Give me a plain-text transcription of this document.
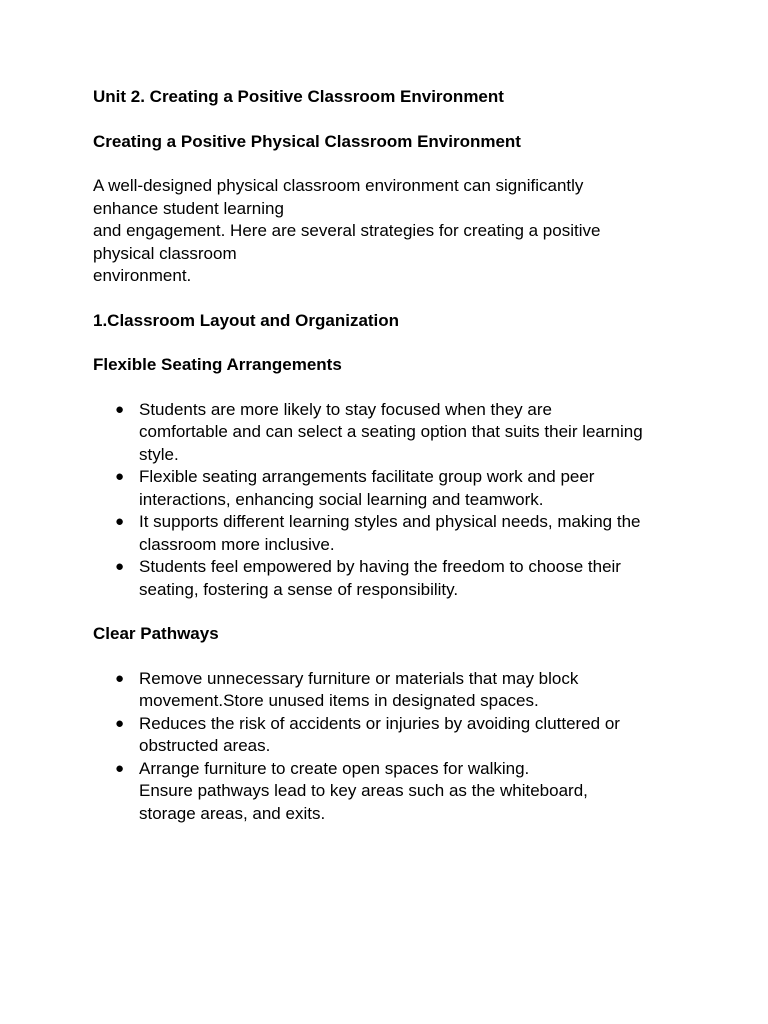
Unit 2. Creating a Positive Classroom Environment

Creating a Positive Physical Classroom Environment

A well-designed physical classroom environment can significantly
enhance student learning
and engagement. Here are several strategies for creating a positive
physical classroom
environment.

1.Classroom Layout and Organization

Flexible Seating Arrangements

● Students are more likely to stay focused when they are
comfortable and can select a seating option that suits their learning
style.
● Flexible seating arrangements facilitate group work and peer
interactions, enhancing social learning and teamwork.
● It supports different learning styles and physical needs, making the
classroom more inclusive.
● Students feel empowered by having the freedom to choose their
seating, fostering a sense of responsibility.

Clear Pathways

● Remove unnecessary furniture or materials that may block
movement.Store unused items in designated spaces.
● Reduces the risk of accidents or injuries by avoiding cluttered or
obstructed areas.
● Arrange furniture to create open spaces for walking.
Ensure pathways lead to key areas such as the whiteboard,
storage areas, and exits.
